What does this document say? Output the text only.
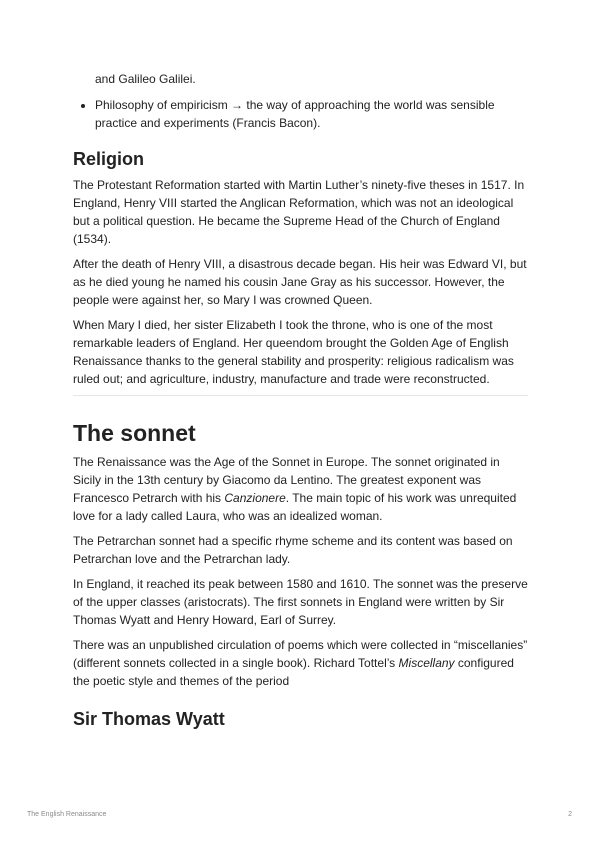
and Galileo Galilei.

• Philosophy of empiricism → the way of approaching the world was sensible practice and experiments (Francis Bacon).
Religion

The Protestant Reformation started with Martin Luther’s ninety-five theses in 1517. In England, Henry VIII started the Anglican Reformation, which was not an ideological but a political question. He became the Supreme Head of the Church of England (1534).

After the death of Henry VIII, a disastrous decade began. His heir was Edward VI, but as he died young he named his cousin Jane Gray as his successor. However, the people were against her, so Mary I was crowned Queen.

When Mary I died, her sister Elizabeth I took the throne, who is one of the most remarkable leaders of England. Her queendom brought the Golden Age of English Renaissance thanks to the general stability and prosperity: religious radicalism was ruled out; and agriculture, industry, manufacture and trade were reconstructed.

The sonnet

The Renaissance was the Age of the Sonnet in Europe. The sonnet originated in Sicily in the 13th century by Giacomo da Lentino. The greatest exponent was Francesco Petrarch with his Canzionere. The main topic of his work was unrequited love for a lady called Laura, who was an idealized woman.

The Petrarchan sonnet had a specific rhyme scheme and its content was based on Petrarchan love and the Petrarchan lady.

In England, it reached its peak between 1580 and 1610. The sonnet was the preserve of the upper classes (aristocrats). The first sonnets in England were written by Sir Thomas Wyatt and Henry Howard, Earl of Surrey.

There was an unpublished circulation of poems which were collected in “miscellanies” (different sonnets collected in a single book). Richard Tottel’s Miscellany configured the poetic style and themes of the period

Sir Thomas Wyatt
The English Renaissance	2
